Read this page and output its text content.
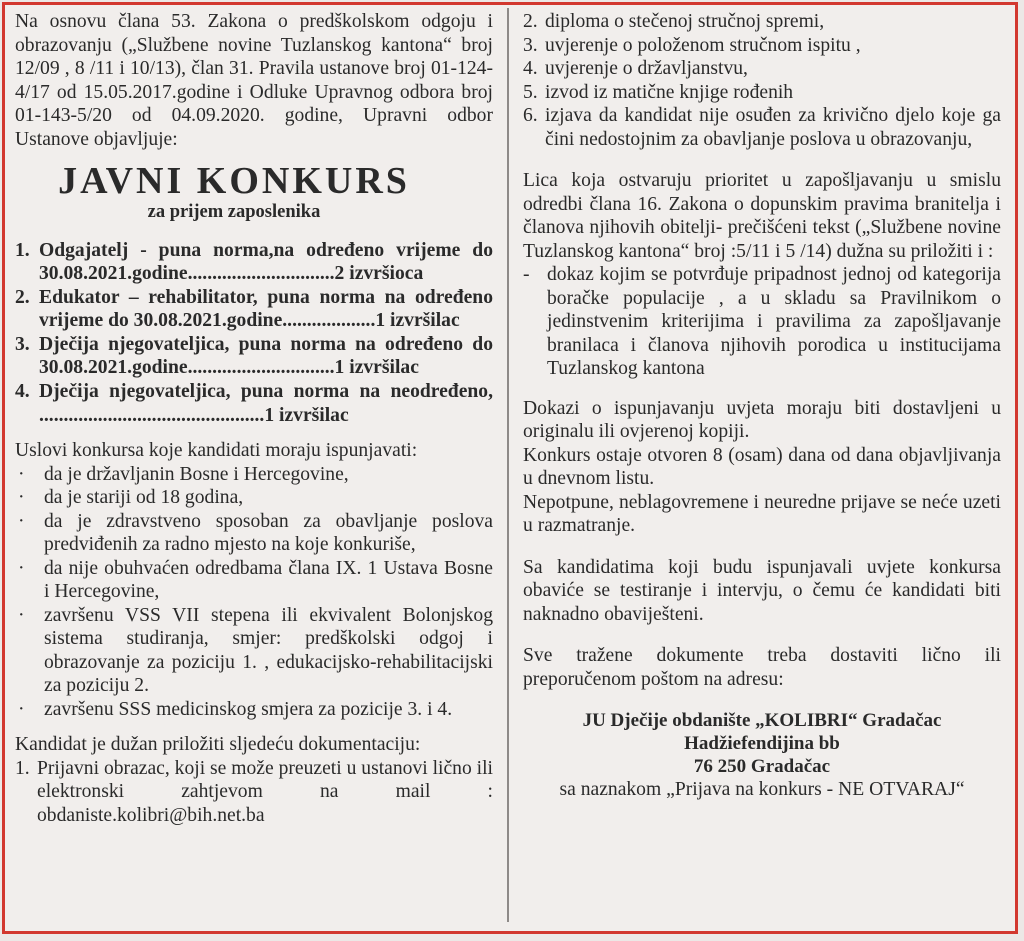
Na osnovu člana 53. Zakona o predškolskom odgoju i obrazovanju („Službene novine Tuzlanskog kantona“ broj 12/09 , 8 /11 i 10/13), član 31. Pravila ustanove broj 01-124-4/17 od 15.05.2017.godine i Odluke Upravnog odbora broj 01-143-5/20 od 04.09.2020. godine, Upravni odbor Ustanove objavljuje:

JAVNI KONKURS
za prijem zaposlenika
1. Odgajatelj - puna norma,na određeno vrijeme do 30.08.2021.godine..............................2 izvršioca
2. Edukator – rehabilitator, puna norma na određeno vrijeme do 30.08.2021.godine...................1 izvršilac
3. Dječija njegovateljica, puna norma na određeno do 30.08.2021.godine..............................1 izvršilac
4. Dječija njegovateljica, puna norma na neodređeno, ..............................................1 izvršilac

Uslovi konkursa koje kandidati moraju ispunjavati:

· da je državljanin Bosne i Hercegovine,
· da je stariji od 18 godina,
· da je zdravstveno sposoban za obavljanje poslova predviđenih za radno mjesto na koje konkuriše,
· da nije obuhvaćen odredbama člana IX. 1 Ustava Bosne i Hercegovine,
· završenu VSS VII stepena ili ekvivalent Bolonjskog sistema studiranja, smjer: predškolski odgoj i obrazovanje za poziciju 1. , edukacijsko-rehabilitacijski za poziciju 2.
· završenu SSS medicinskog smjera za pozicije 3. i 4.

Kandidat je dužan priložiti sljedeću dokumentaciju:

1. Prijavni obrazac, koji se može preuzeti u ustanovi lično ili elektronski zahtjevom na mail : obdaniste.kolibri@bih.net.ba
2. diploma o stečenoj stručnoj spremi,
3. uvjerenje o položenom stručnom ispitu ,
4. uvjerenje o državljanstvu,
5. izvod iz matične knjige rođenih
6. izjava da kandidat nije osuđen za krivično djelo koje ga čini nedostojnim za obavljanje poslova u obrazovanju,

Lica koja ostvaruju prioritet u zapošljavanju u smislu odredbi člana 16. Zakona o dopunskim pravima branitelja i članova njihovih obitelji- prečišćeni tekst („Službene novine Tuzlanskog kantona“ broj :5/11 i 5 /14) dužna su priložiti i :

- dokaz kojim se potvrđuje pripadnost jednoj od kategorija boračke populacije , a u skladu sa Pravilnikom o jedinstvenim kriterijima i pravilima za zapošljavanje branilaca i članova njihovih porodica u institucijama Tuzlanskog kantona

Dokazi o ispunjavanju uvjeta moraju biti dostavljeni u originalu ili ovjerenoj kopiji.

Konkurs ostaje otvoren 8 (osam) dana od dana objavljivanja u dnevnom listu.

Nepotpune, neblagovremene i neuredne prijave se neće uzeti u razmatranje.

Sa kandidatima koji budu ispunjavali uvjete konkursa obaviće se testiranje i intervju, o čemu će kandidati biti naknadno obaviješteni.

Sve tražene dokumente treba dostaviti lično ili preporučenom poštom na adresu:

JU Dječije obdanište „KOLIBRI“ Gradačac
Hadžiefendijina bb
76 250 Gradačac
sa naznakom „Prijava na konkurs - NE OTVARAJ“
